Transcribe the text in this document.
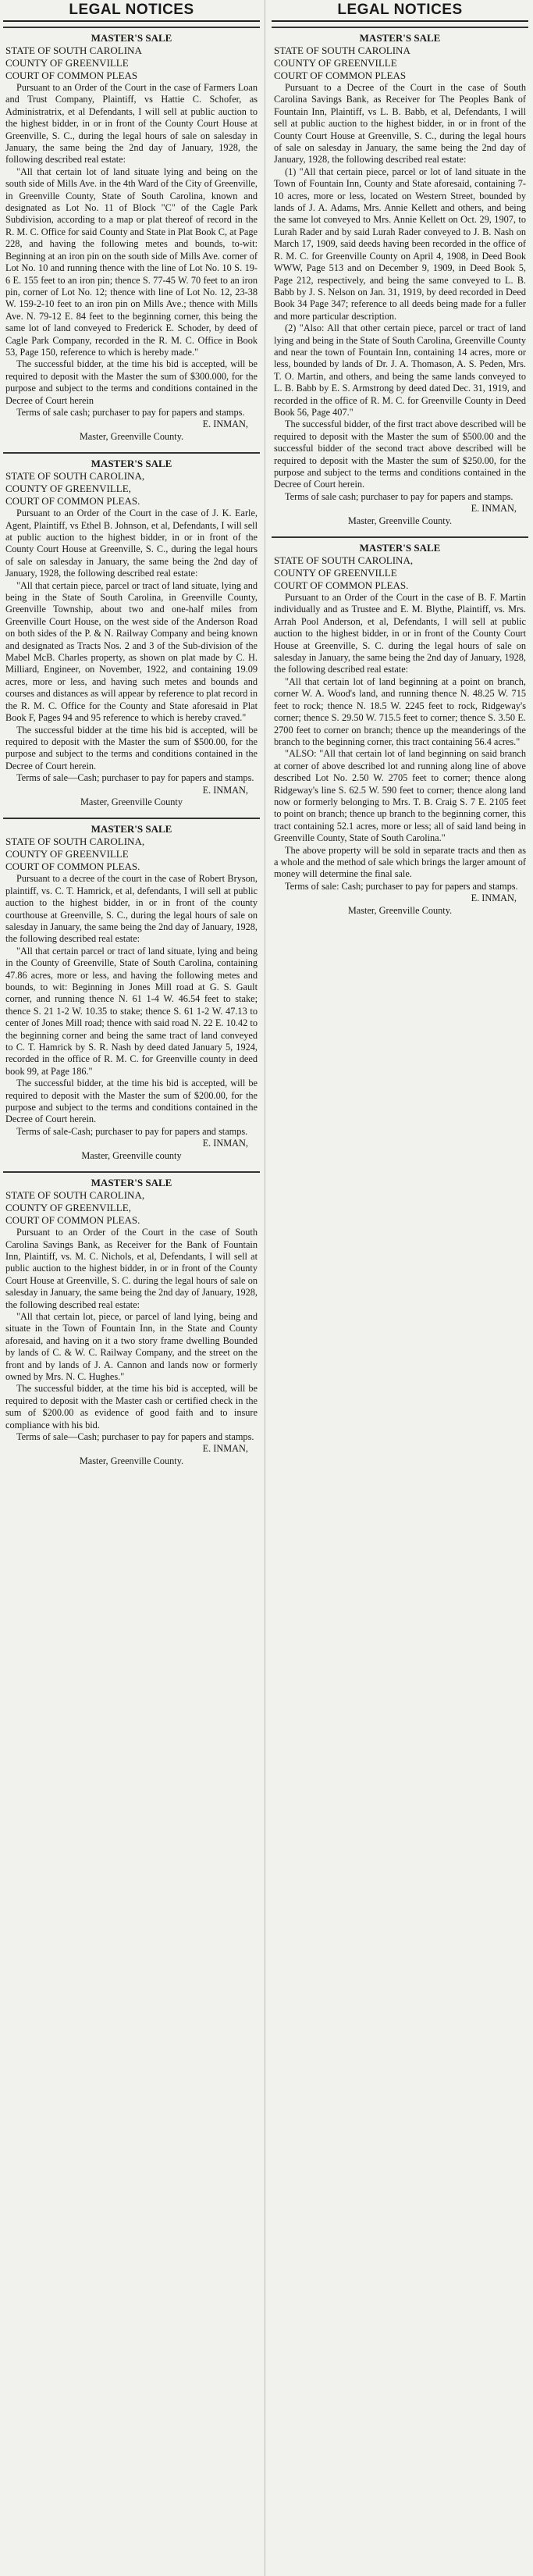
LEGAL NOTICES
MASTER'S SALE
STATE OF SOUTH CAROLINA
COUNTY OF GREENVILLE
COURT OF COMMON PLEAS

Pursuant to an Order of the Court in the case of Farmers Loan and Trust Company, Plaintiff, vs Hattie C. Schofer, as Administratrix, et al Defendants, I will sell at public auction to the highest bidder, in or in front of the County Court House at Greenville, S. C., during the legal hours of sale on salesday in January, the same being the 2nd day of January, 1928, the following described real estate:

"All that certain lot of land situate lying and being on the south side of Mills Ave. in the 4th Ward of the City of Greenville, in Greenville County, State of South Carolina, known and designated as Lot No. 11 of Block "C" of the Cagle Park Subdivision, according to a map or plat thereof of record in the R. M. C. Office for said County and State in Plat Book C, at Page 228, and having the following metes and bounds, to-wit: Beginning at an iron pin on the south side of Mills Ave. corner of Lot No. 10 and running thence with the line of Lot No. 10 S. 19-6 E. 155 feet to an iron pin; thence S. 77-45 W. 70 feet to an iron pin, corner of Lot No. 12; thence with line of Lot No. 12, 23-38 W. 159-2-10 feet to an iron pin on Mills Ave.; thence with Mills Ave. N. 79-12 E. 84 feet to the beginning corner, this being the same lot of land conveyed to Frederick E. Schoder, by deed of Cagle Park Company, recorded in the R. M. C. Office in Book 53, Page 150, reference to which is hereby made."

The successful bidder, at the time his bid is accepted, will be required to deposit with the Master the sum of $300.000, for the purpose and subject to the terms and conditions contained in the Decree of Court herein

Terms of sale cash; purchaser to pay for papers and stamps.

E. INMAN,
Master, Greenville County.
MASTER'S SALE
STATE OF SOUTH CAROLINA,
COUNTY OF GREENVILLE,
COURT OF COMMON PLEAS.

Pursuant to an Order of the Court in the case of J. K. Earle, Agent, Plaintiff, vs Ethel B. Johnson, et al, Defendants, I will sell at public auction to the highest bidder, in or in front of the County Court House at Greenville, S. C., during the legal hours of sale on salesday in January, the same being the 2nd day of January, 1928, the following described real estate:

"All that certain piece, parcel or tract of land situate, lying and being in the State of South Carolina, in Greenville County, Greenville Township, about two and one-half miles from Greenville Court House, on the west side of the Anderson Road on both sides of the P. & N. Railway Company and being known and designated as Tracts Nos. 2 and 3 of the Sub-division of the Mabel McB. Charles property, as shown on plat made by C. H. Milliard, Engineer, on November, 1922, and containing 19.09 acres, more or less, and having such metes and bounds and courses and distances as will appear by reference to plat record in the R. M. C. Office for the County and State aforesaid in Plat Book F, Pages 94 and 95 reference to which is hereby craved."

The successful bidder at the time his bid is accepted, will be required to deposit with the Master the sum of $500.00, for the purpose and subject to the terms and conditions contained in the Decree of Court herein.

Terms of sale—Cash; purchaser to pay for papers and stamps.

E. INMAN,
Master, Greenville County
MASTER'S SALE
STATE OF SOUTH CAROLINA,
COUNTY OF GREENVILLE
COURT OF COMMON PLEAS.

Pursuant to a decree of the court in the case of Robert Bryson, plaintiff, vs. C. T. Hamrick, et al, defendants, I will sell at public auction to the highest bidder, in or in front of the county courthouse at Greenville, S. C., during the legal hours of sale on salesday in January, the same being the 2nd day of January, 1928, the following described real estate:

"All that certain parcel or tract of land situate, lying and being in the County of Greenville, State of South Carolina, containing 47.86 acres, more or less, and having the following metes and bounds, to wit: Beginning in Jones Mill road at G. S. Gault corner, and running thence N. 61 1-4 W. 46.54 feet to stake; thence S. 21 1-2 W. 10.35 to stake; thence S. 61 1-2 W. 47.13 to center of Jones Mill road; thence with said road N. 22 E. 10.42 to the beginning corner and being the same tract of land conveyed to C. T. Hamrick by S. R. Nash by deed dated January 5, 1924, recorded in the office of R. M. C. for Greenville county in deed book 99, at Page 186."

The successful bidder, at the time his bid is accepted, will be required to deposit with the Master the sum of $200.00, for the purpose and subject to the terms and conditions contained in the Decree of Court herein.

Terms of sale-Cash; purchaser to pay for papers and stamps.

E. INMAN,
Master, Greenville county
MASTER'S SALE
STATE OF SOUTH CAROLINA,
COUNTY OF GREENVILLE,
COURT OF COMMON PLEAS.

Pursuant to an Order of the Court in the case of South Carolina Savings Bank, as Receiver for the Bank of Fountain Inn, Plaintiff, vs. M. C. Nichols, et al, Defendants, I will sell at public auction to the highest bidder, in or in front of the County Court House at Greenville, S. C. during the legal hours of sale on salesday in January, the same being the 2nd day of January, 1928, the following described real estate:

"All that certain lot, piece, or parcel of land lying, being and situate in the Town of Fountain Inn, in the State and County aforesaid, and having on it a two story frame dwelling Bounded by lands of C. & W. C. Railway Company, and the street on the front and by lands of J. A. Cannon and lands now or formerly owned by Mrs. N. C. Hughes."

The successful bidder, at the time his bid is accepted, will be required to deposit with the Master cash or certified check in the sum of $200.00 as evidence of good faith and to insure compliance with his bid.

Terms of sale—Cash; purchaser to pay for papers and stamps.

E. INMAN,
Master, Greenville County.
LEGAL NOTICES
MASTER'S SALE
STATE OF SOUTH CAROLINA
COUNTY OF GREENVILLE
COURT OF COMMON PLEAS

Pursuant to a Decree of the Court in the case of South Carolina Savings Bank, as Receiver for The Peoples Bank of Fountain Inn, Plaintiff, vs L. B. Babb, et al, Defendants, I will sell at public auction to the highest bidder, in or in front of the County Court House at Greenville, S. C., during the legal hours of sale on salesday in January, the same being the 2nd day of January, 1928, the following described real estate:

(1) "All that certain piece, parcel or lot of land situate in the Town of Fountain Inn, County and State aforesaid, containing 7-10 acres, more or less, located on Western Street, bounded by lands of J. A. Adams, Mrs. Annie Kellett and others, and being the same lot conveyed to Mrs. Annie Kellett on Oct. 29, 1907, to Lurah Rader and by said Lurah Rader conveyed to J. B. Nash on March 17, 1909, said deeds having been recorded in the office of R. M. C. for Greenville County on April 4, 1908, in Deed Book WWW, Page 513 and on December 9, 1909, in Deed Book 5, Page 212, respectively, and being the same conveyed to L. B. Babb by J. S. Nelson on Jan. 31, 1919, by deed recorded in Deed Book 34 Page 347; reference to all deeds being made for a fuller and more particular description.

(2) "Also: All that other certain piece, parcel or tract of land lying and being in the State of South Carolina, Greenville County and near the town of Fountain Inn, containing 14 acres, more or less, bounded by lands of Dr. J. A. Thomason, A. S. Peden, Mrs. T. O. Martin, and others, and being the same lands conveyed to L. B. Babb by E. S. Armstrong by deed dated Dec. 31, 1919, and recorded in the office of R. M. C. for Greenville County in Deed Book 56, Page 407."

The successful bidder, of the first tract above described will be required to deposit with the Master the sum of $500.00 and the successful bidder of the second tract above described will be required to deposit with the Master the sum of $250.00, for the purpose and subject to the terms and conditions contained in the Decree of Court herein.

Terms of sale cash; purchaser to pay for papers and stamps.

E. INMAN,
Master, Greenville County.
MASTER'S SALE
STATE OF SOUTH CAROLINA,
COUNTY OF GREENVILLE
COURT OF COMMON PLEAS.

Pursuant to an Order of the Court in the case of B. F. Martin individually and as Trustee and E. M. Blythe, Plaintiff, vs. Mrs. Arrah Pool Anderson, et al, Defendants, I will sell at public auction to the highest bidder, in or in front of the County Court House at Greenville, S. C. during the legal hours of sale on salesday in January, the same being the 2nd day of January, 1928, the following described real estate:

"All that certain lot of land beginning at a point on branch, corner W. A. Wood's land, and running thence N. 48.25 W. 715 feet to rock; thence N. 18.5 W. 2245 feet to rock, Ridgeway's corner; thence S. 29.50 W. 715.5 feet to corner; thence S. 3.50 E. 2700 feet to corner on branch; thence up the meanderings of the branch to the beginning corner, this tract containing 56.4 acres."

"ALSO: "All that certain lot of land beginning on said branch at corner of above described lot and running along line of above described Lot No. 2.50 W. 2705 feet to corner; thence along Ridgeway's line S. 62.5 W. 590 feet to corner; thence along land now or formerly belonging to Mrs. T. B. Craig S. 7 E. 2105 feet to point on branch; thence up branch to the beginning corner, this tract containing 52.1 acres, more or less; all of said land being in Greenville County, State of South Carolina."

The above property will be sold in separate tracts and then as a whole and the method of sale which brings the larger amount of money will determine the final sale.

Terms of sale: Cash; purchaser to pay for papers and stamps.

E. INMAN,
Master, Greenville County.
